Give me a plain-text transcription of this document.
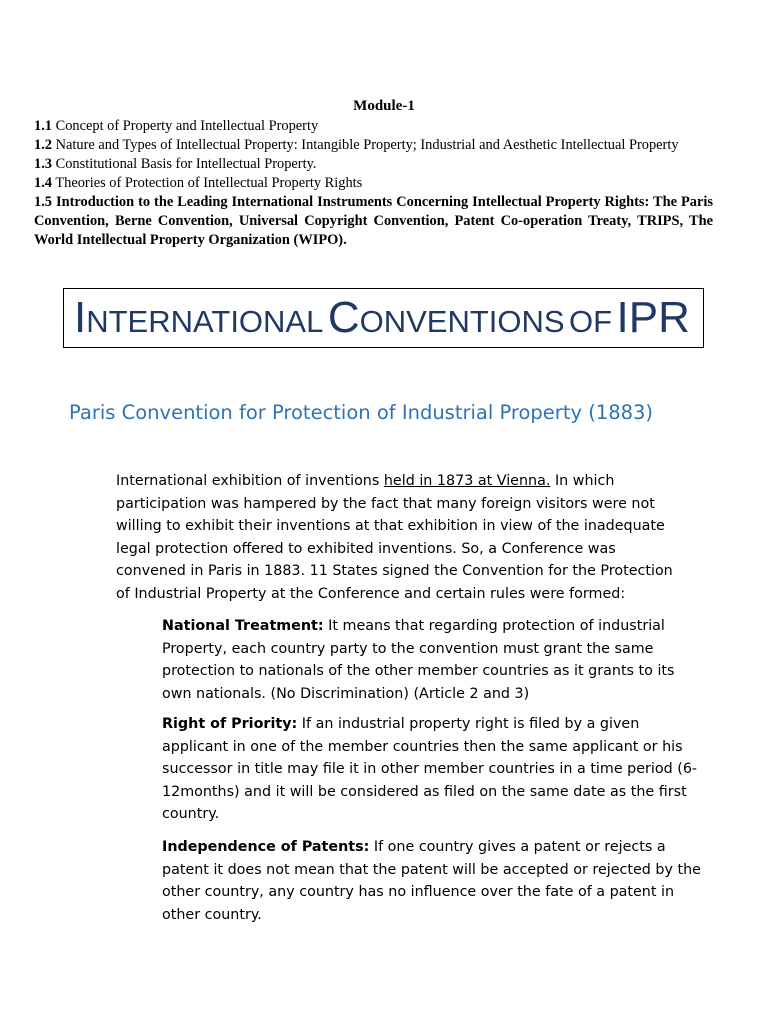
Module-1
1.1 Concept of Property and Intellectual Property
1.2 Nature and Types of Intellectual Property: Intangible Property; Industrial and Aesthetic Intellectual Property
1.3 Constitutional Basis for Intellectual Property.
1.4 Theories of Protection of Intellectual Property Rights
1.5 Introduction to the Leading International Instruments Concerning Intellectual Property Rights: The Paris Convention, Berne Convention, Universal Copyright Convention, Patent Co-operation Treaty, TRIPS, The World Intellectual Property Organization (WIPO).
INTERNATIONAL CONVENTIONS OF IPR
Paris Convention for Protection of Industrial Property (1883)

International exhibition of inventions held in 1873 at Vienna. In which participation was hampered by the fact that many foreign visitors were not willing to exhibit their inventions at that exhibition in view of the inadequate legal protection offered to exhibited inventions. So, a Conference was convened in Paris in 1883. 11 States signed the Convention for the Protection of Industrial Property at the Conference and certain rules were formed:

National Treatment: It means that regarding protection of industrial Property, each country party to the convention must grant the same protection to nationals of the other member countries as it grants to its own nationals. (No Discrimination) (Article 2 and 3)

Right of Priority: If an industrial property right is filed by a given applicant in one of the member countries then the same applicant or his successor in title may file it in other member countries in a time period (6-12months) and it will be considered as filed on the same date as the first country.

Independence of Patents: If one country gives a patent or rejects a patent it does not mean that the patent will be accepted or rejected by the other country, any country has no influence over the fate of a patent in other country.
